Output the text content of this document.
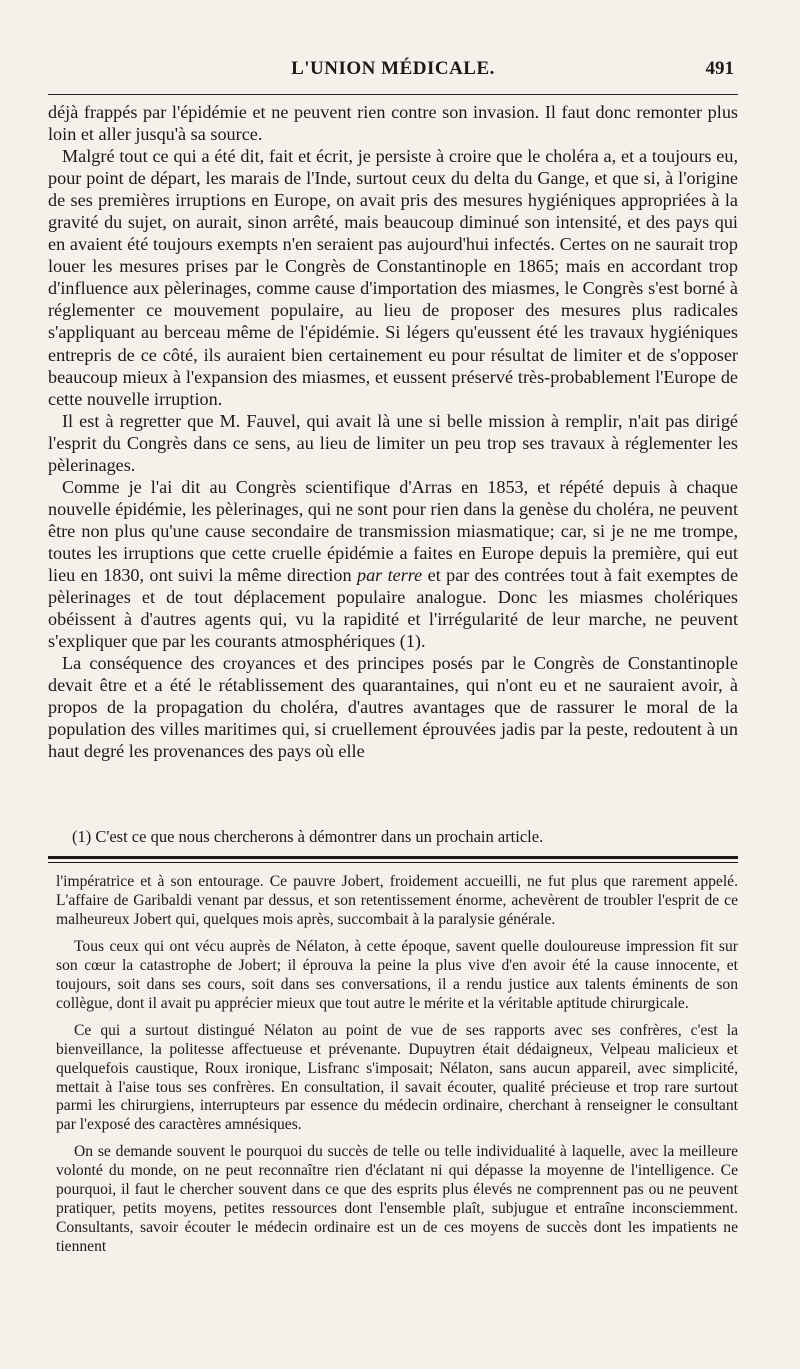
L'UNION MÉDICALE.	491

déjà frappés par l'épidémie et ne peuvent rien contre son invasion. Il faut donc remonter plus loin et aller jusqu'à sa source.

Malgré tout ce qui a été dit, fait et écrit, je persiste à croire que le choléra a, et a toujours eu, pour point de départ, les marais de l'Inde, surtout ceux du delta du Gange, et que si, à l'origine de ses premières irruptions en Europe, on avait pris des mesures hygiéniques appropriées à la gravité du sujet, on aurait, sinon arrêté, mais beaucoup diminué son intensité, et des pays qui en avaient été toujours exempts n'en seraient pas aujourd'hui infectés. Certes on ne saurait trop louer les mesures prises par le Congrès de Constantinople en 1865; mais en accordant trop d'influence aux pèlerinages, comme cause d'importation des miasmes, le Congrès s'est borné à réglementer ce mouvement populaire, au lieu de proposer des mesures plus radicales s'appliquant au berceau même de l'épidémie. Si légers qu'eussent été les travaux hygiéniques entrepris de ce côté, ils auraient bien certainement eu pour résultat de limiter et de s'opposer beaucoup mieux à l'expansion des miasmes, et eussent préservé très-probablement l'Europe de cette nouvelle irruption.

Il est à regretter que M. Fauvel, qui avait là une si belle mission à remplir, n'ait pas dirigé l'esprit du Congrès dans ce sens, au lieu de limiter un peu trop ses travaux à réglementer les pèlerinages.

Comme je l'ai dit au Congrès scientifique d'Arras en 1853, et répété depuis à chaque nouvelle épidémie, les pèlerinages, qui ne sont pour rien dans la genèse du choléra, ne peuvent être non plus qu'une cause secondaire de transmission miasmatique; car, si je ne me trompe, toutes les irruptions que cette cruelle épidémie a faites en Europe depuis la première, qui eut lieu en 1830, ont suivi la même direction par terre et par des contrées tout à fait exemptes de pèlerinages et de tout déplacement populaire analogue. Donc les miasmes cholériques obéissent à d'autres agents qui, vu la rapidité et l'irrégularité de leur marche, ne peuvent s'expliquer que par les courants atmosphériques (1).

La conséquence des croyances et des principes posés par le Congrès de Constantinople devait être et a été le rétablissement des quarantaines, qui n'ont eu et ne sauraient avoir, à propos de la propagation du choléra, d'autres avantages que de rassurer le moral de la population des villes maritimes qui, si cruellement éprouvées jadis par la peste, redoutent à un haut degré les provenances des pays où elle

(1) C'est ce que nous chercherons à démontrer dans un prochain article.

l'impératrice et à son entourage. Ce pauvre Jobert, froidement accueilli, ne fut plus que rarement appelé. L'affaire de Garibaldi venant par dessus, et son retentissement énorme, achevèrent de troubler l'esprit de ce malheureux Jobert qui, quelques mois après, succombait à la paralysie générale.

Tous ceux qui ont vécu auprès de Nélaton, à cette époque, savent quelle douloureuse impression fit sur son cœur la catastrophe de Jobert; il éprouva la peine la plus vive d'en avoir été la cause innocente, et toujours, soit dans ses cours, soit dans ses conversations, il a rendu justice aux talents éminents de son collègue, dont il avait pu apprécier mieux que tout autre le mérite et la véritable aptitude chirurgicale.

Ce qui a surtout distingué Nélaton au point de vue de ses rapports avec ses confrères, c'est la bienveillance, la politesse affectueuse et prévenante. Dupuytren était dédaigneux, Velpeau malicieux et quelquefois caustique, Roux ironique, Lisfranc s'imposait; Nélaton, sans aucun appareil, avec simplicité, mettait à l'aise tous ses confrères. En consultation, il savait écouter, qualité précieuse et trop rare surtout parmi les chirurgiens, interrupteurs par essence du médecin ordinaire, cherchant à renseigner le consultant par l'exposé des caractères amnésiques.

On se demande souvent le pourquoi du succès de telle ou telle individualité à laquelle, avec la meilleure volonté du monde, on ne peut reconnaître rien d'éclatant ni qui dépasse la moyenne de l'intelligence. Ce pourquoi, il faut le chercher souvent dans ce que des esprits plus élevés ne comprennent pas ou ne peuvent pratiquer, petits moyens, petites ressources dont l'ensemble plaît, subjugue et entraîne inconsciemment. Consultants, savoir écouter le médecin ordinaire est un de ces moyens de succès dont les impatients ne tiennent
